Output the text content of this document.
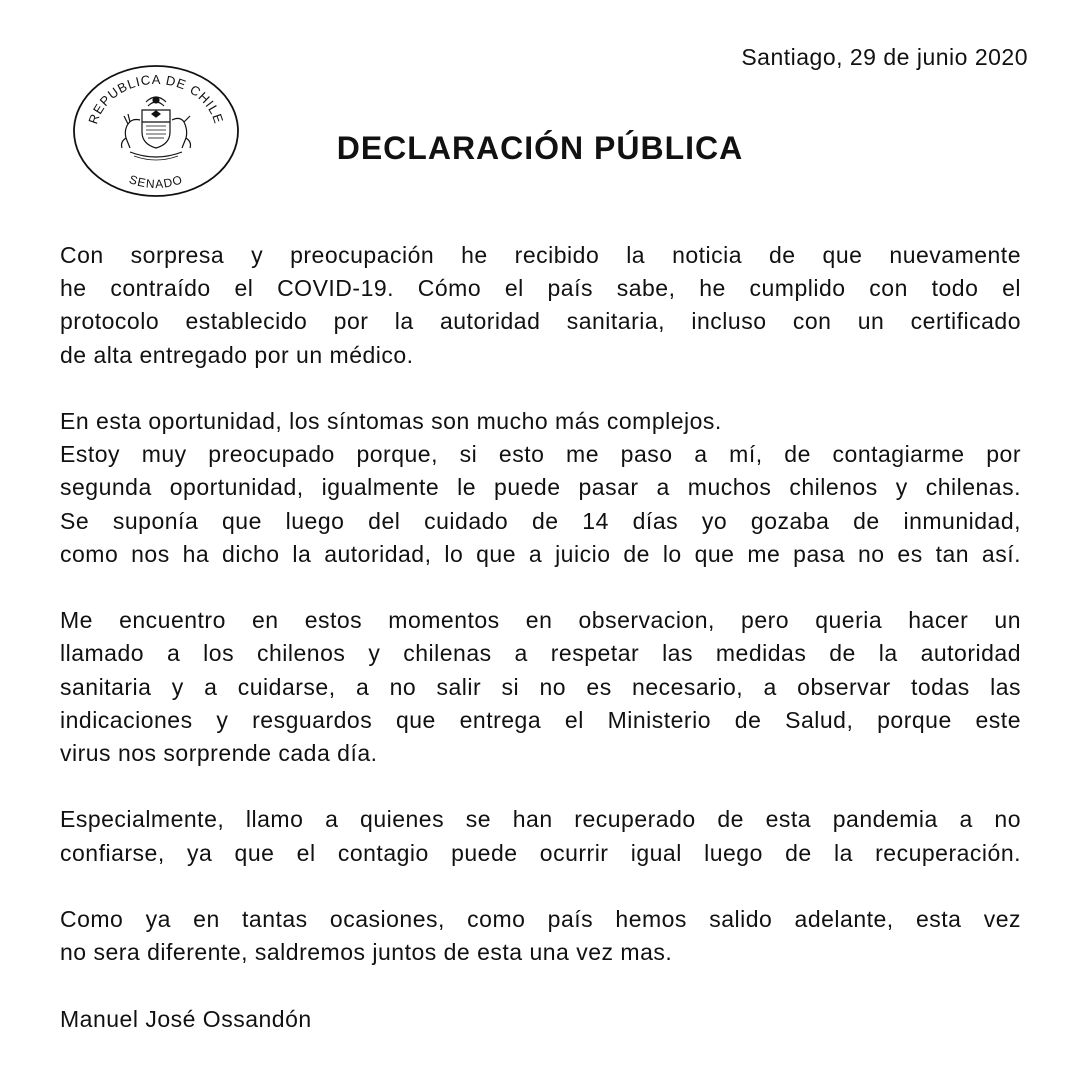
REPUBLICA DE CHILE
SENADO
Santiago, 29 de junio 2020
DECLARACIÓN PÚBLICA
Con sorpresa y preocupación he recibido la noticia de que nuevamente
he contraído el COVID-19. Cómo el país sabe, he cumplido con todo el
protocolo establecido por la autoridad sanitaria, incluso con un certificado
de alta entregado por un médico.
En esta oportunidad, los síntomas son mucho más complejos.
Estoy muy preocupado porque, si esto me paso a mí, de contagiarme por
segunda oportunidad, igualmente le puede pasar a muchos chilenos y chilenas.
Se suponía que luego del cuidado de 14 días yo gozaba de inmunidad,
como nos ha dicho la autoridad, lo que a juicio de lo que me pasa no es tan así.
Me encuentro en estos momentos en observacion, pero queria hacer un
llamado a los chilenos y chilenas a respetar las medidas de la autoridad
sanitaria y a cuidarse, a no salir si no es necesario, a observar todas las
indicaciones y resguardos que entrega el Ministerio de Salud, porque este
virus nos sorprende cada día.
Especialmente, llamo a quienes se han recuperado de esta pandemia a no
confiarse, ya que el contagio puede ocurrir igual luego de la recuperación.
Como ya en tantas ocasiones, como país hemos salido adelante, esta vez
no sera diferente, saldremos juntos de esta una vez mas.
Manuel José Ossandón
